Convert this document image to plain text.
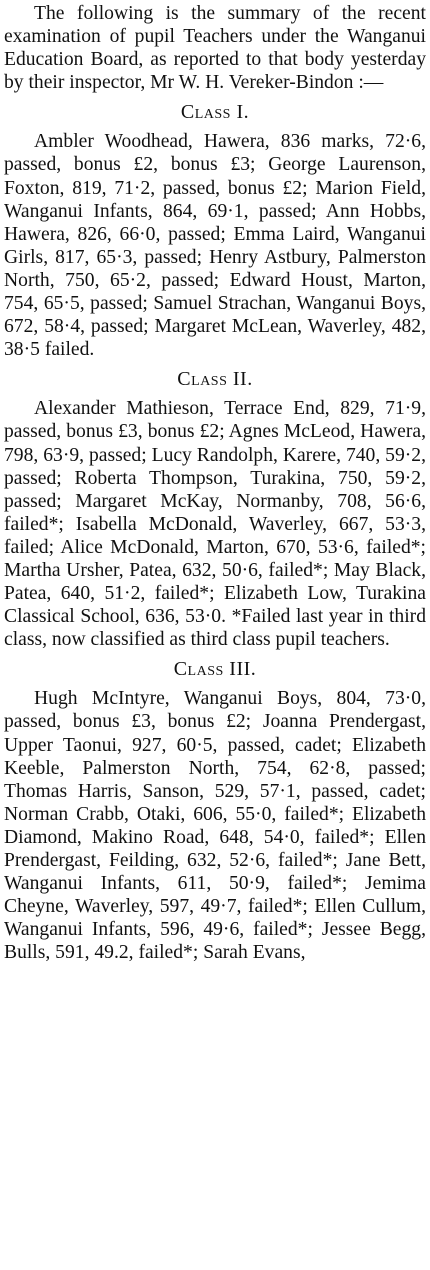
The following is the summary of the recent examination of pupil Teachers under the Wanganui Education Board, as reported to that body yesterday by their inspector, Mr W. H. Vereker-Bindon :—

Class I.

Ambler Woodhead, Hawera, 836 marks, 72·6, passed, bonus £2, bonus £3; George Laurenson, Foxton, 819, 71·2, passed, bonus £2; Marion Field, Wanganui Infants, 864, 69·1, passed; Ann Hobbs, Hawera, 826, 66·0, passed; Emma Laird, Wanganui Girls, 817, 65·3, passed; Henry Astbury, Palmerston North, 750, 65·2, passed; Edward Houst, Marton, 754, 65·5, passed; Samuel Strachan, Wanganui Boys, 672, 58·4, passed; Margaret McLean, Waverley, 482, 38·5 failed.

Class II.

Alexander Mathieson, Terrace End, 829, 71·9, passed, bonus £3, bonus £2; Agnes McLeod, Hawera, 798, 63·9, passed; Lucy Randolph, Karere, 740, 59·2, passed; Roberta Thompson, Turakina, 750, 59·2, passed; Margaret McKay, Normanby, 708, 56·6, failed*; Isabella McDonald, Waverley, 667, 53·3, failed; Alice McDonald, Marton, 670, 53·6, failed*; Martha Ursher, Patea, 632, 50·6, failed*; May Black, Patea, 640, 51·2, failed*; Elizabeth Low, Turakina Classical School, 636, 53·0. *Failed last year in third class, now classified as third class pupil teachers.

Class III.

Hugh McIntyre, Wanganui Boys, 804, 73·0, passed, bonus £3, bonus £2; Joanna Prendergast, Upper Taonui, 927, 60·5, passed, cadet; Elizabeth Keeble, Palmerston North, 754, 62·8, passed; Thomas Harris, Sanson, 529, 57·1, passed, cadet; Norman Crabb, Otaki, 606, 55·0, failed*; Elizabeth Diamond, Makino Road, 648, 54·0, failed*; Ellen Prendergast, Feilding, 632, 52·6, failed*; Jane Bett, Wanganui Infants, 611, 50·9, failed*; Jemima Cheyne, Waverley, 597, 49·7, failed*; Ellen Cullum, Wanganui Infants, 596, 49·6, failed*; Jessee Begg, Bulls, 591, 49.2, failed*; Sarah Evans,
